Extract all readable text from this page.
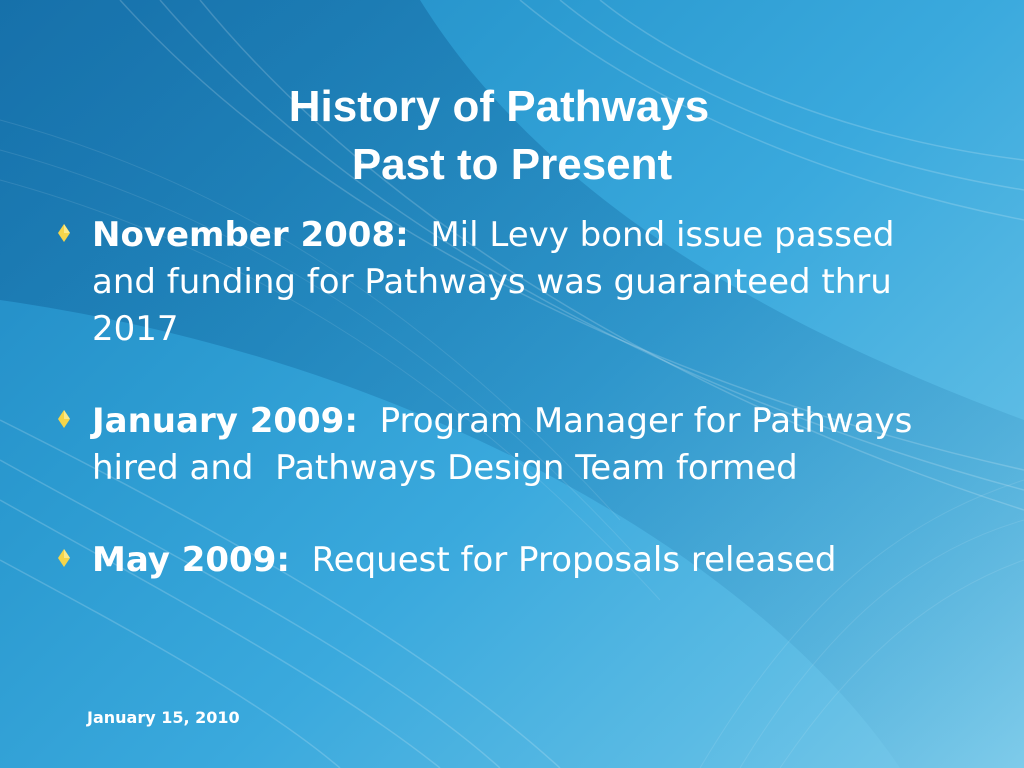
History of Pathways
Past to Present
November 2008:  Mil Levy bond issue passed and funding for Pathways was guaranteed thru 2017
January 2009:  Program Manager for Pathways hired and  Pathways Design Team formed
May 2009:  Request for Proposals released
January 15, 2010
